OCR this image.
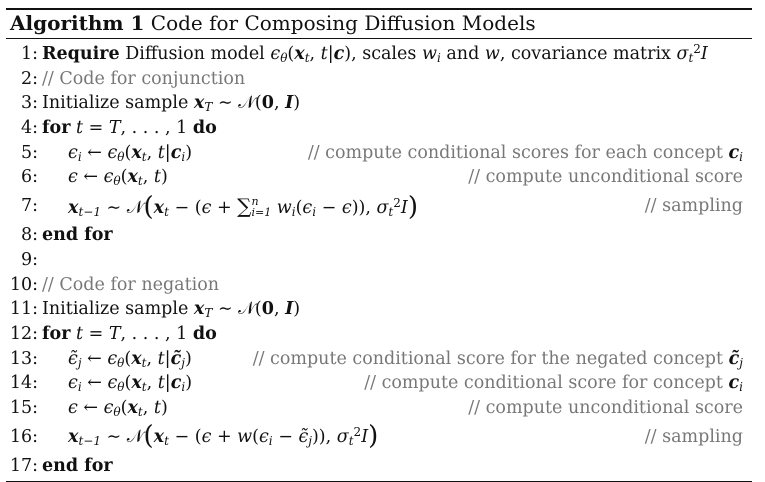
Algorithm 1 Code for Composing Diffusion Models
1: Require Diffusion model $\epsilon_\theta(x_t$, t|c), scales $w_i$ and w, covariance matrix $\sigma_t^2I$
2: // Code for conjunction
3: Initialize sample $x_T$ ∼ 𝒩(0, I)
4: for t = T, . . . , 1 do
5: $\epsilon_i$ ← $\epsilon_\theta(x_t$, $t|c_i$)	// compute conditional scores for each concept $c_i$
6: ϵ ← $\epsilon_\theta(x_t$, t)	// compute unconditional score
7: $x_{t-1}$ ∼ $𝒩(x_t - (\epsilon$ + ∑ n
i=1 $w_i(\epsilon_i - \epsilon)$), $\sigma_t^2I$)	// sampling
8: end for
9:
10: // Code for negation
11: Initialize sample $x_T$ ∼ 𝒩(0, I)
12: for t = T, . . . , 1 do
13: $\epsiloñ_j$ ← $\epsilon_\theta(x_t$, $t|c̃_j$)	// compute conditional score for the negated concept $c̃_j$
14: $\epsilon_i$ ← $\epsilon_\theta(x_t$, $t|c_i$)	// compute conditional score for concept $c_i$
15: ϵ ← $\epsilon_\theta(x_t$, t)	// compute unconditional score
16: $x_{t-1}$ ∼ $𝒩(x_t - (\epsilon + w(\epsilon_i$ − $\epsiloñ_j$)), $\sigma_t^2I$)	// sampling
17: end for
